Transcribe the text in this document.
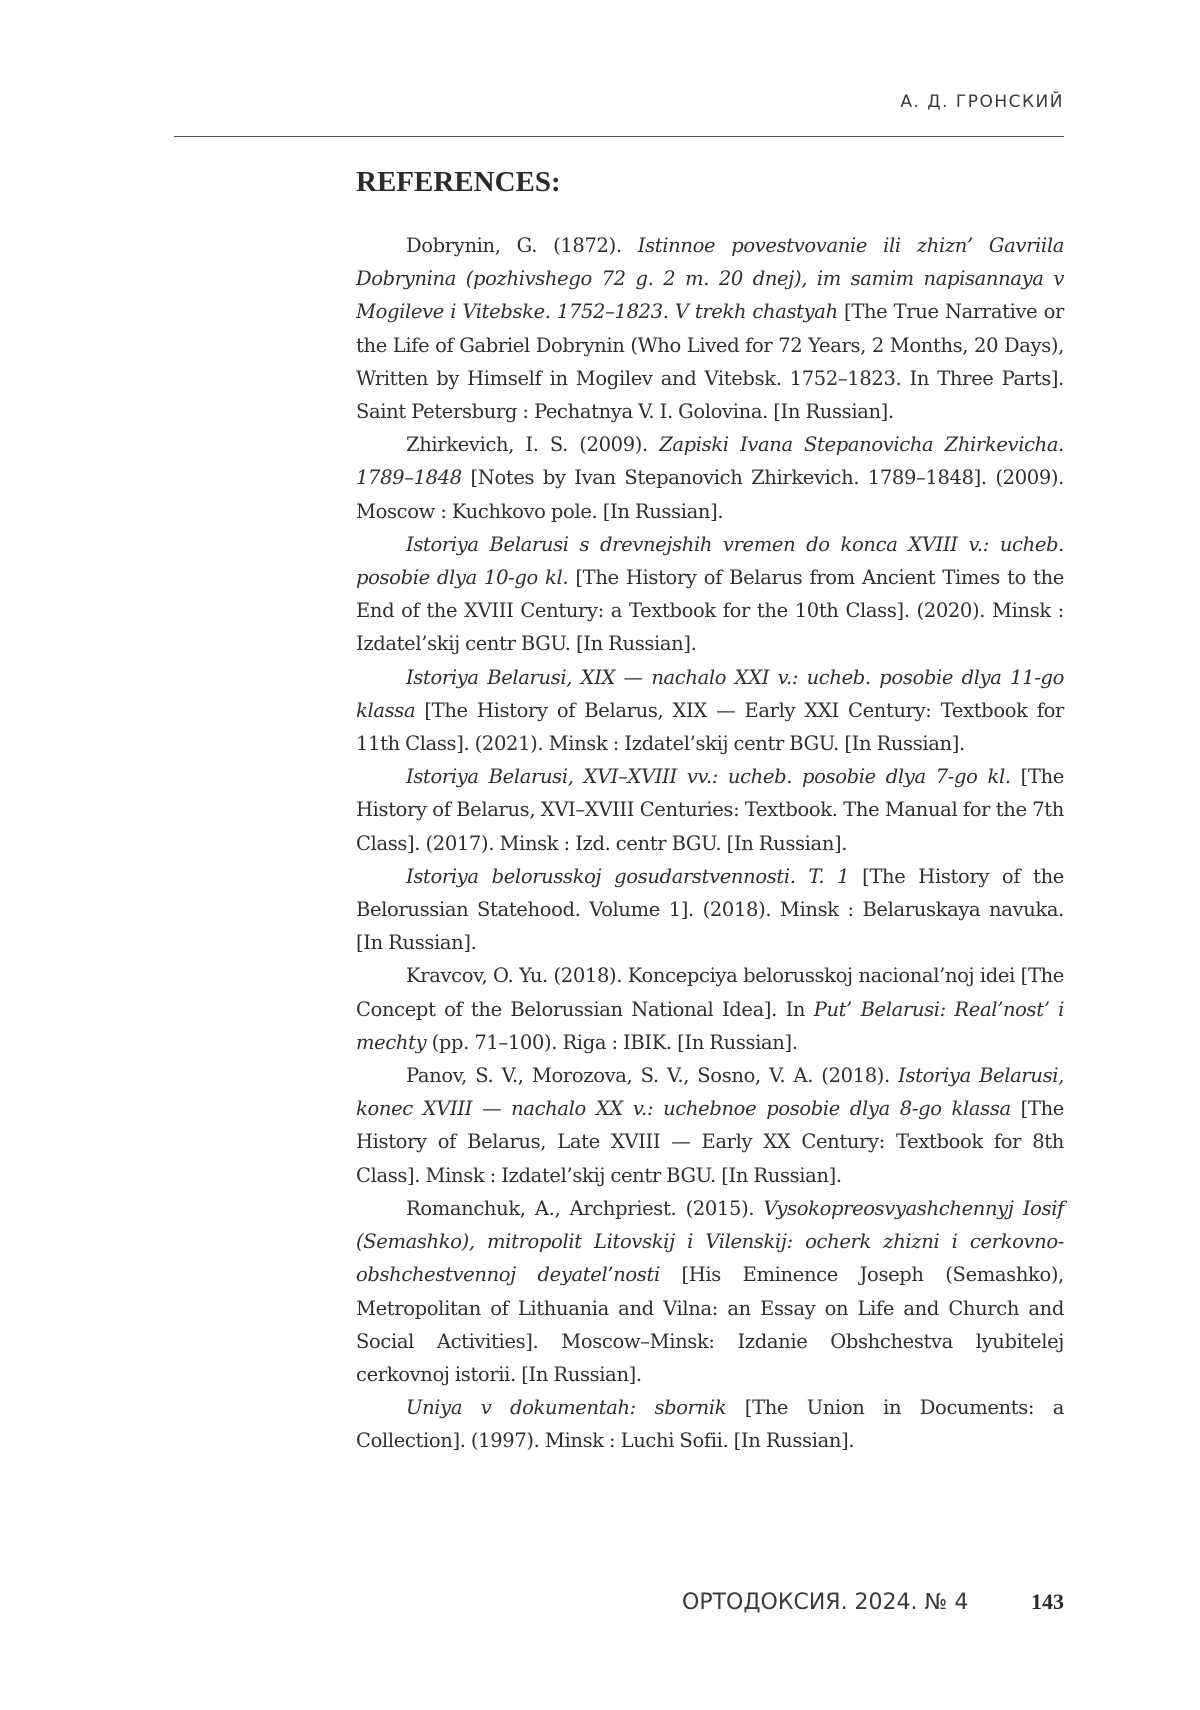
А. Д. ГРОНСКИЙ
REFERENCES:

Dobrynin, G. (1872). Istinnoe povestvovanie ili zhizn’ Gavriila Dobrynina (pozhivshego 72 g. 2 m. 20 dnej), im samim napisannaya v Mogileve i Vitebske. 1752–1823. V trekh chastyah [The True Narrative or the Life of Gabriel Dobrynin (Who Lived for 72 Years, 2 Months, 20 Days), Written by Himself in Mogilev and Vitebsk. 1752–1823. In Three Parts]. Saint Petersburg : Pechatnya V. I. Golovina. [In Russian].

Zhirkevich, I. S. (2009). Zapiski Ivana Stepanovicha Zhirkevicha. 1789–1848 [Notes by Ivan Stepanovich Zhirkevich. 1789–1848]. (2009). Moscow : Kuchkovo pole. [In Russian].

Istoriya Belarusi s drevnejshih vremen do konca XVIII v.: ucheb. posobie dlya 10-go kl. [The History of Belarus from Ancient Times to the End of the XVIII Century: a Textbook for the 10th Class]. (2020). Minsk : Izdatel’skij centr BGU. [In Russian].

Istoriya Belarusi, XIX — nachalo XXI v.: ucheb. posobie dlya 11-go klassa [The History of Belarus, XIX — Early XXI Century: Textbook for 11th Class]. (2021). Minsk : Izdatel’skij centr BGU. [In Russian].

Istoriya Belarusi, XVI–XVIII vv.: ucheb. posobie dlya 7-go kl. [The History of Belarus, XVI–XVIII Centuries: Textbook. The Manual for the 7th Class]. (2017). Minsk : Izd. centr BGU. [In Russian].

Istoriya belorusskoj gosudarstvennosti. T. 1 [The History of the Belorussian Statehood. Volume 1]. (2018). Minsk : Belaruskaya navuka. [In Russian].

Kravcov, O. Yu. (2018). Koncepciya belorusskoj nacional’noj idei [The Concept of the Belorussian National Idea]. In Put’ Belarusi: Real’nost’ i mechty (pp. 71–100). Riga : IBIK. [In Russian].

Panov, S. V., Morozova, S. V., Sosno, V. A. (2018). Istoriya Belarusi, konec XVIII — nachalo XX v.: uchebnoe posobie dlya 8-go klassa [The History of Belarus, Late XVIII — Early XX Century: Textbook for 8th Class]. Minsk : Izdatel’skij centr BGU. [In Russian].

Romanchuk, A., Archpriest. (2015). Vysokopreosvyashchennyj Iosif (Semashko), mitropolit Litovskij i Vilenskij: ocherk zhizni i cerkovno-obshchestvennoj deyatel’nosti [His Eminence Joseph (Semashko), Metropolitan of Lithuania and Vilna: an Essay on Life and Church and Social Activities]. Moscow–Minsk: Izdanie Obshchestva lyubitelej cerkovnoj istorii. [In Russian].

Uniya v dokumentah: sbornik [The Union in Documents: a Collection]. (1997). Minsk : Luchi Sofii. [In Russian].

ОРТОДОКСИЯ. 2024. № 4	143
